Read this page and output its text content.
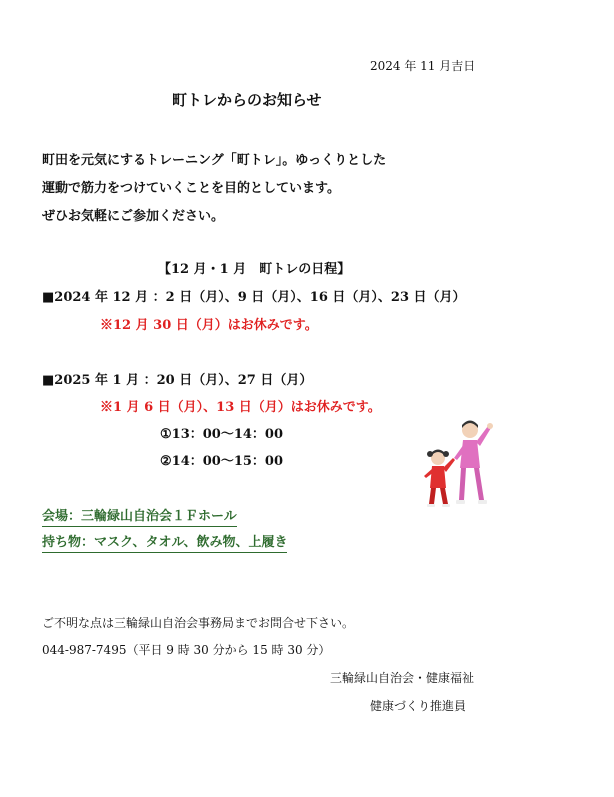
2024 年 11 月吉日
町トレからのお知らせ
町田を元気にするトレーニング「町トレ」。ゆっくりとした
運動で筋力をつけていくことを目的としています。
ぜひお気軽にご参加ください。
【12 月・1 月　町トレの日程】
■2024 年 12 月 ：2 日（月）、9 日（月）、16 日（月）、23 日（月）
※12 月 30 日（月）はお休みです。
■2025 年 1 月 ：20 日（月）、27 日（月）
※1 月 6 日（月）、13 日（月）はお休みです。
①13：00～14：00
②14：00～15：00
会場：三輪緑山自治会１Ｆホール
持ち物：マスク、タオル、飲み物、上履き
ご不明な点は三輪緑山自治会事務局までお問合せ下さい。
044-987-7495（平日 9 時 30 分から 15 時 30 分）
三輪緑山自治会・健康福祉
健康づくり推進員
